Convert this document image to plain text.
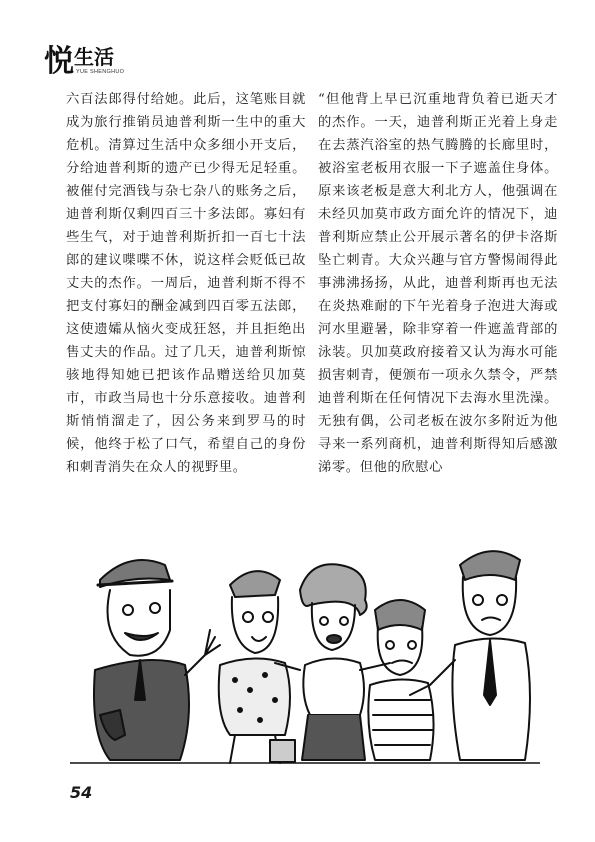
悦 生活
YUE SHENGHUO

六百法郎得付给她。此后，这笔账目就成为旅行推销员迪普利斯一生中的重大危机。清算过生活中众多细小开支后，分给迪普利斯的遗产已少得无足轻重。被催付完酒钱与杂七杂八的账务之后，迪普利斯仅剩四百三十多法郎。寡妇有些生气，对于迪普利斯折扣一百七十法郎的建议喋喋不休，说这样会贬低已故丈夫的杰作。一周后，迪普利斯不得不把支付寡妇的酬金减到四百零五法郎，这使遗孀从恼火变成狂怒，并且拒绝出售丈夫的作品。过了几天，迪普利斯惊骇地得知她已把该作品赠送给贝加莫市，市政当局也十分乐意接收。迪普利斯悄悄溜走了，因公务来到罗马的时候，他终于松了口气，希望自己的身份和刺青消失在众人的视野里。

“但他背上早已沉重地背负着已逝天才的杰作。一天，迪普利斯正光着上身走在去蒸汽浴室的热气腾腾的长廊里时，被浴室老板用衣服一下子遮盖住身体。原来该老板是意大利北方人，他强调在未经贝加莫市政方面允许的情况下，迪普利斯应禁止公开展示著名的伊卡洛斯坠亡刺青。大众兴趣与官方警惕闹得此事沸沸扬扬，从此，迪普利斯再也无法在炎热难耐的下午光着身子泡进大海或河水里避暑，除非穿着一件遮盖背部的泳装。贝加莫政府接着又认为海水可能损害刺青，便颁布一项永久禁令，严禁迪普利斯在任何情况下去海水里洗澡。无独有偶，公司老板在波尔多附近为他寻来一系列商机，迪普利斯得知后感激涕零。但他的欣慰心

54
